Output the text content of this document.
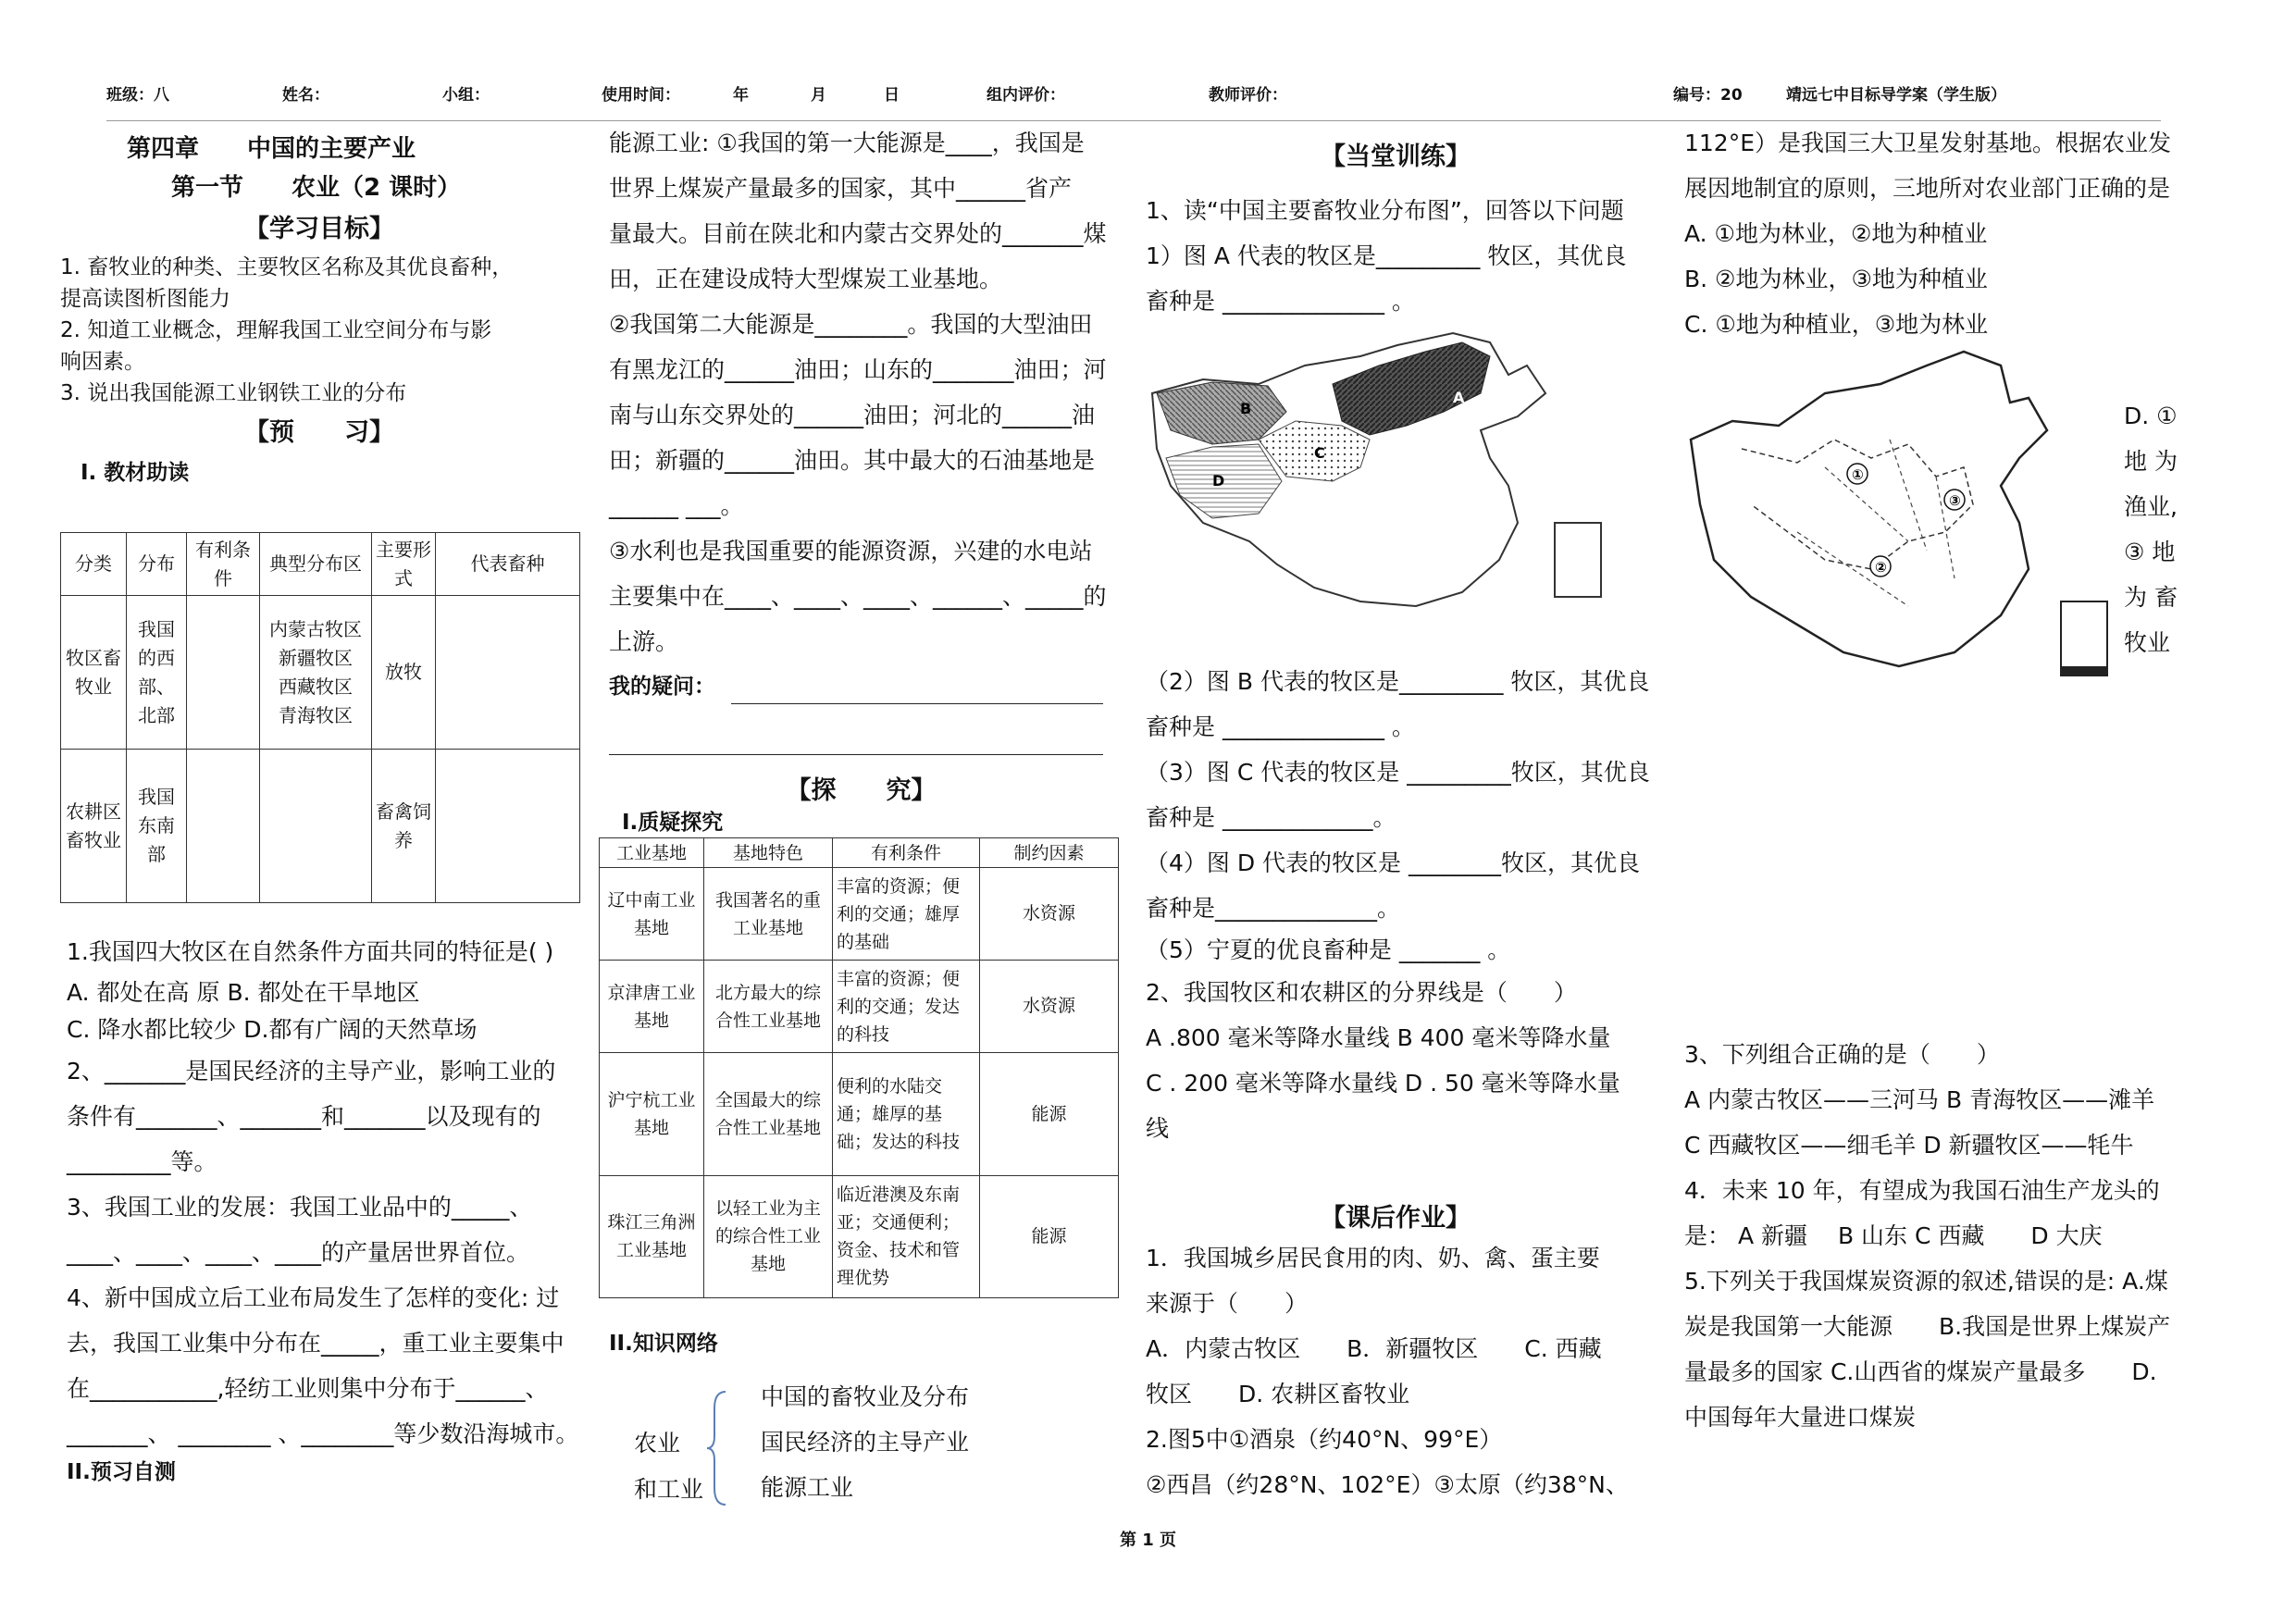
班级：八	姓名：	小组：	使用时间：	年	月	日	组内评价：	教师评价：	编号：20	靖远七中目标导学案（学生版）
第四章　　中国的主要产业
第一节　　农业（2 课时）
【学习目标】
1. 畜牧业的种类、主要牧区名称及其优良畜种，
提高读图析图能力
2. 知道工业概念，理解我国工业空间分布与影
响因素。
3. 说出我国能源工业钢铁工业的分布
【预　　习】
I. 教材助读
分类	分布	有利条件	典型分布区	主要形式	代表畜种
牧区畜牧业	我国的西部、北部		内蒙古牧区
新疆牧区
西藏牧区
青海牧区	放牧	
农耕区畜牧业	我国东南部			畜禽饲养	
1.我国四大牧区在自然条件方面共同的特征是( )
A. 都处在高 原 B. 都处在干旱地区
C. 降水都比较少 D.都有广阔的天然草场
2、_______是国民经济的主导产业，影响工业的
条件有_______、_______和_______以及现有的
_________等。
3、我国工业的发展：我国工业品中的_____、
____、____、____、____的产量居世界首位。
4、新中国成立后工业布局发生了怎样的变化: 过
去，我国工业集中分布在_____，重工业主要集中
在___________,轻纺工业则集中分布于______、
_______、 ________ 、________等少数沿海城市。
II.预习自测
能源工业: ①我国的第一大能源是____，我国是
世界上煤炭产量最多的国家，其中______省产
量最大。目前在陕北和内蒙古交界处的_______煤
田，正在建设成特大型煤炭工业基地。
②我国第二大能源是________。我国的大型油田
有黑龙江的______油田；山东的_______油田；河
南与山东交界处的______油田；河北的______油
田；新疆的______油田。其中最大的石油基地是
______ ___。
③水利也是我国重要的能源资源，兴建的水电站
主要集中在____、____、____、______、_____的
上游。
我的疑问：
【探　　究】
I.质疑探究
工业基地	基地特色	有利条件	制约因素
辽中南工业基地	我国著名的重工业基地	丰富的资源；便利的交通；雄厚的基础	水资源
京津唐工业基地	北方最大的综合性工业基地	丰富的资源；便利的交通；发达的科技	水资源
沪宁杭工业基地	全国最大的综合性工业基地	便利的水陆交通；雄厚的基础；发达的科技	能源
珠江三角洲工业基地	以轻工业为主的综合性工业基地	临近港澳及东南亚；交通便利；资金、技术和管理优势	能源
II.知识网络
农业
和工业
中国的畜牧业及分布
国民经济的主导产业
能源工业
【当堂训练】
1、读“中国主要畜牧业分布图”，回答以下问题
1）图 A 代表的牧区是_________ 牧区，其优良
畜种是 ______________ 。
A
B
C
D
（2）图 B 代表的牧区是_________ 牧区，其优良
畜种是 ______________ 。
（3）图 C 代表的牧区是 _________牧区，其优良
畜种是 _____________。
（4）图 D 代表的牧区是 ________牧区，其优良
畜种是______________。
（5）宁夏的优良畜种是 _______ 。
2、我国牧区和农耕区的分界线是（　　）
A .800 毫米等降水量线 B 400 毫米等降水量
C . 200 毫米等降水量线 D . 50 毫米等降水量
线
【课后作业】
1．我国城乡居民食用的肉、奶、禽、蛋主要
来源于（　　）
A．内蒙古牧区　　B．新疆牧区　　C. 西藏
牧区　　D. 农耕区畜牧业
2.图5中①酒泉（约40°N、99°E）
②西昌（约28°N、102°E）③太原（约38°N、
112°E）是我国三大卫星发射基地。根据农业发
展因地制宜的原则，三地所对农业部门正确的是
A. ①地为林业，②地为种植业
B. ②地为林业，③地为种植业
C. ①地为种植业，③地为林业
①
②
③
D. ①
地 为
渔业,
③ 地
为 畜
牧业
3、下列组合正确的是（　　）
A 内蒙古牧区——三河马 B 青海牧区——滩羊
C 西藏牧区——细毛羊 D 新疆牧区——牦牛
4．未来 10 年，有望成为我国石油生产龙头的
是： A 新疆　 B 山东 C 西藏　　D 大庆
5.下列关于我国煤炭资源的叙述,错误的是: A.煤
炭是我国第一大能源　　B.我国是世界上煤炭产
量最多的国家 C.山西省的煤炭产量最多　　D.
中国每年大量进口煤炭
第 1 页
